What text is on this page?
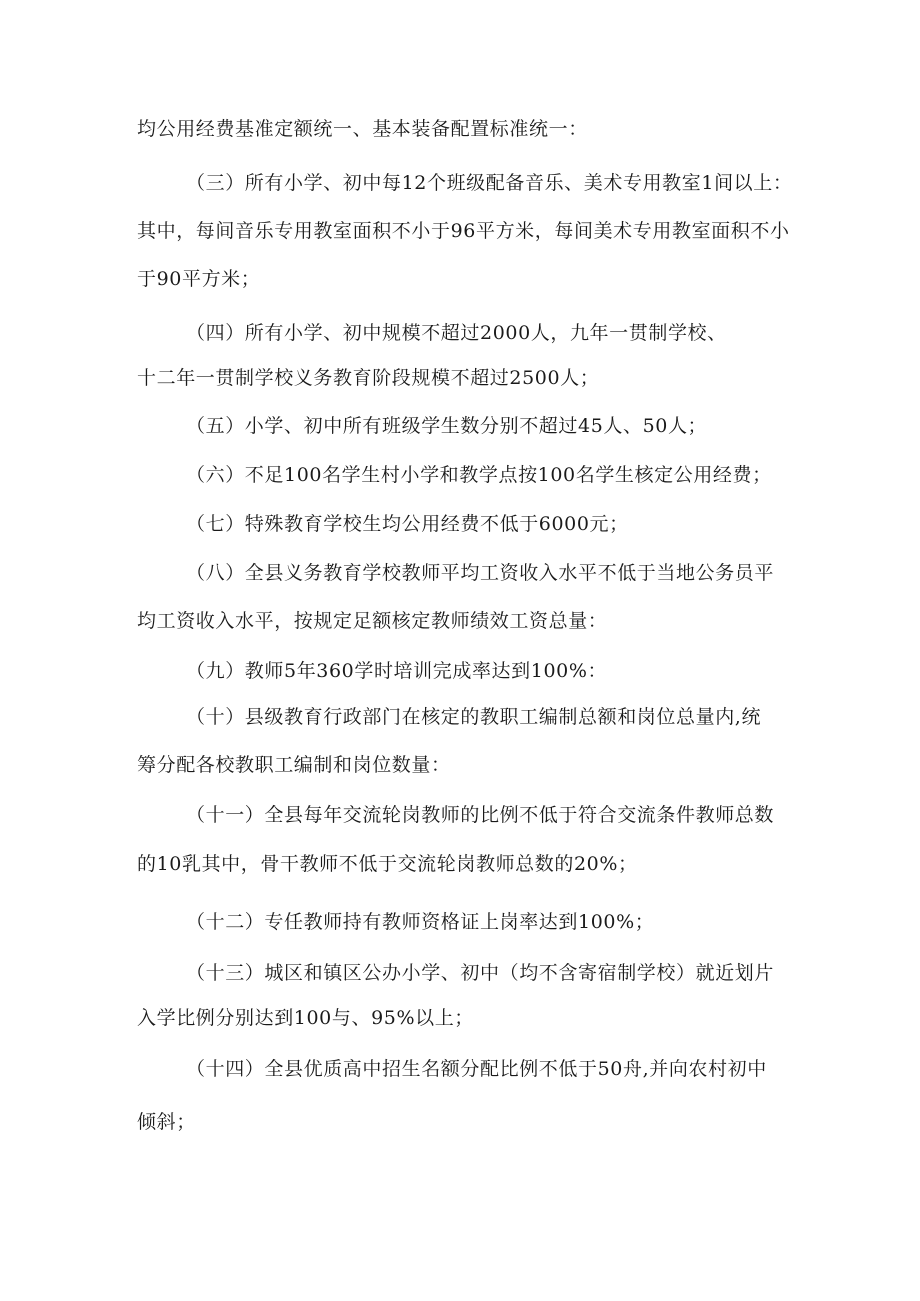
均公用经费基准定额统一、基本装备配置标准统一：
（三）所有小学、初中每12个班级配备音乐、美术专用教室1间以上：
其中，每间音乐专用教室面积不小于96平方米，每间美术专用教室面积不小
于90平方米；
（四）所有小学、初中规模不超过2000人，九年一贯制学校、
十二年一贯制学校义务教育阶段规模不超过2500人；
（五）小学、初中所有班级学生数分别不超过45人、50人；
（六）不足100名学生村小学和教学点按100名学生核定公用经费；
（七）特殊教育学校生均公用经费不低于6000元；
（八）全县义务教育学校教师平均工资收入水平不低于当地公务员平
均工资收入水平，按规定足额核定教师绩效工资总量：
（九）教师5年360学时培训完成率达到100%：
（十）县级教育行政部门在核定的教职工编制总额和岗位总量内,统
筹分配各校教职工编制和岗位数量：
（十一）全县每年交流轮岗教师的比例不低于符合交流条件教师总数
的10乳其中，骨干教师不低于交流轮岗教师总数的20%；
（十二）专任教师持有教师资格证上岗率达到100%；
（十三）城区和镇区公办小学、初中（均不含寄宿制学校）就近划片
入学比例分别达到100与、95%以上；
（十四）全县优质高中招生名额分配比例不低于50舟,并向农村初中
倾斜；
